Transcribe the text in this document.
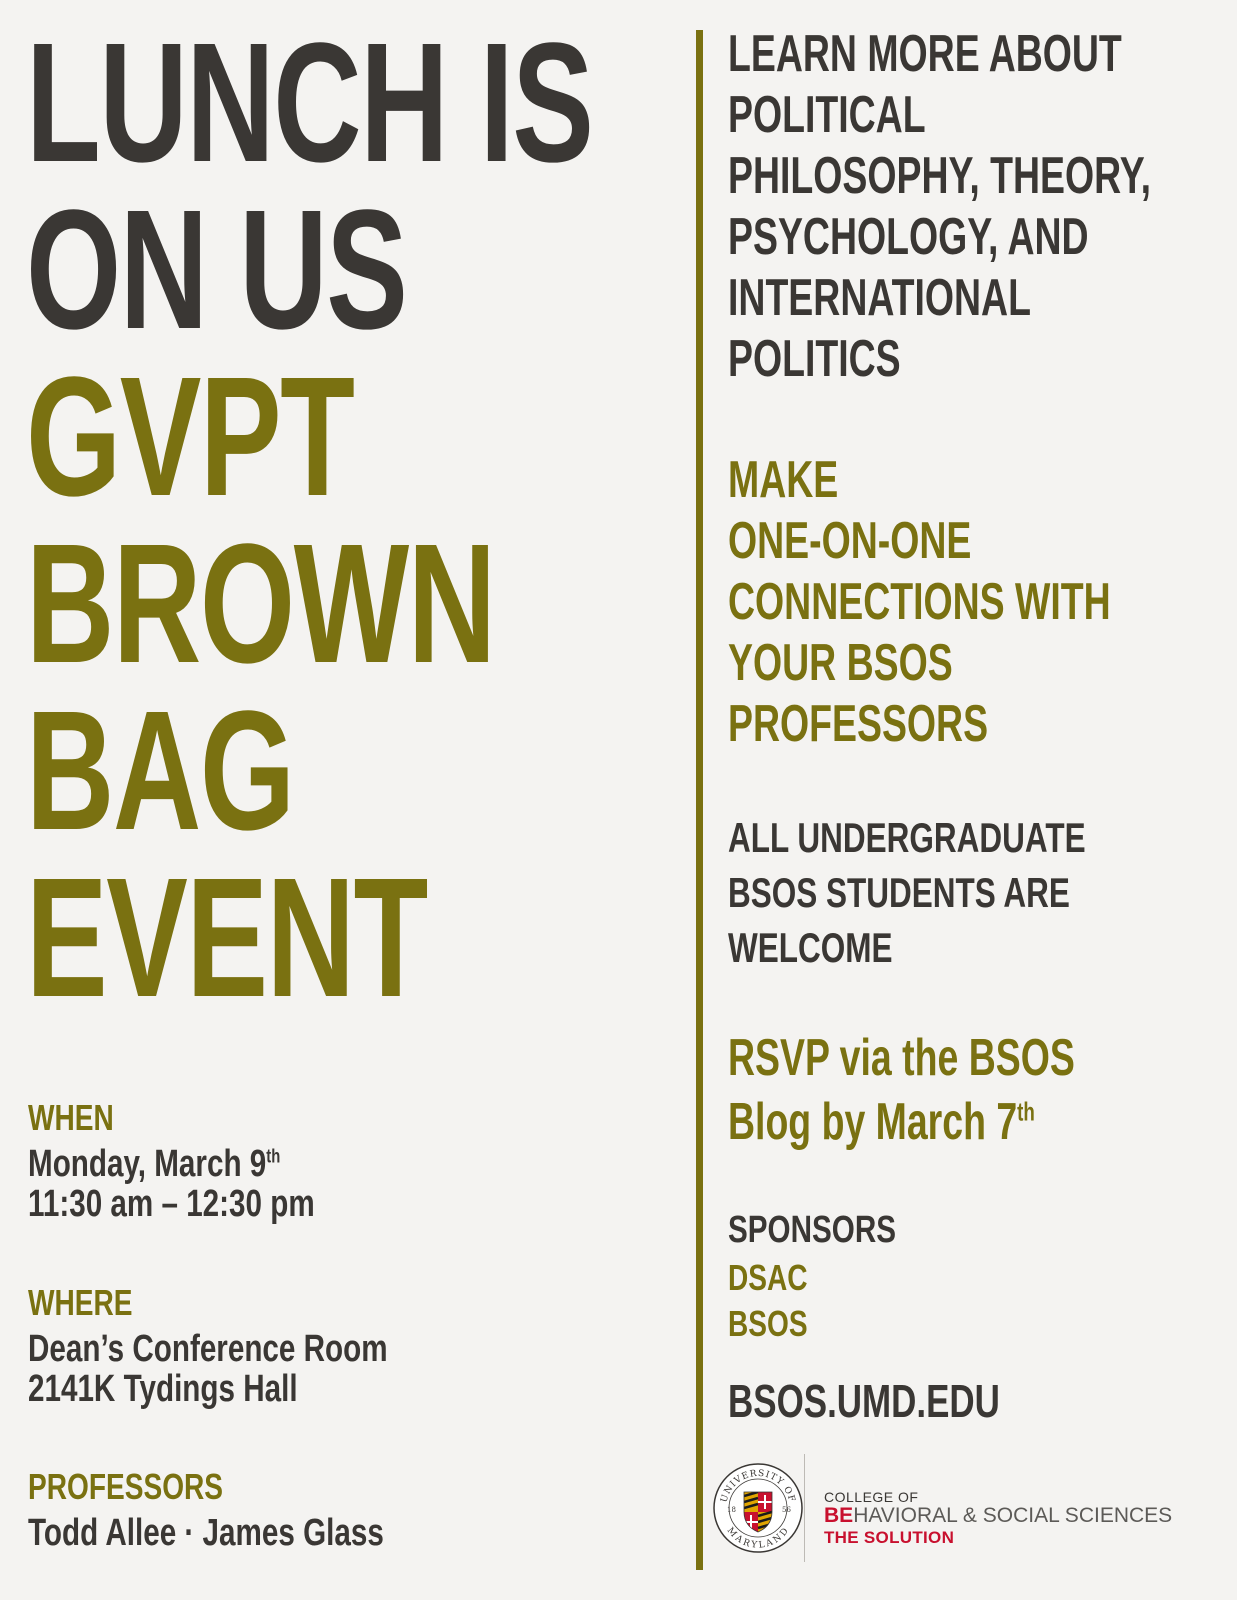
LUNCH IS
ON US
GVPT
BROWN
BAG
EVENT
WHEN
Monday, March 9th
11:30 am – 12:30 pm
WHERE
Dean’s Conference Room
2141K Tydings Hall
PROFESSORS
Todd Allee · James Glass
LEARN MORE ABOUT
POLITICAL
PHILOSOPHY, THEORY,
PSYCHOLOGY, AND
INTERNATIONAL
POLITICS
MAKE
ONE-ON-ONE
CONNECTIONS WITH
YOUR BSOS
PROFESSORS
ALL UNDERGRADUATE
BSOS STUDENTS ARE
WELCOME
RSVP via the BSOS
Blog by March 7th
SPONSORS
DSAC
BSOS
BSOS.UMD.EDU
UNIVERSITY OF
MARYLAND
18	56
COLLEGE OF
BEHAVIORAL & SOCIAL SCIENCES
THE SOLUTION
